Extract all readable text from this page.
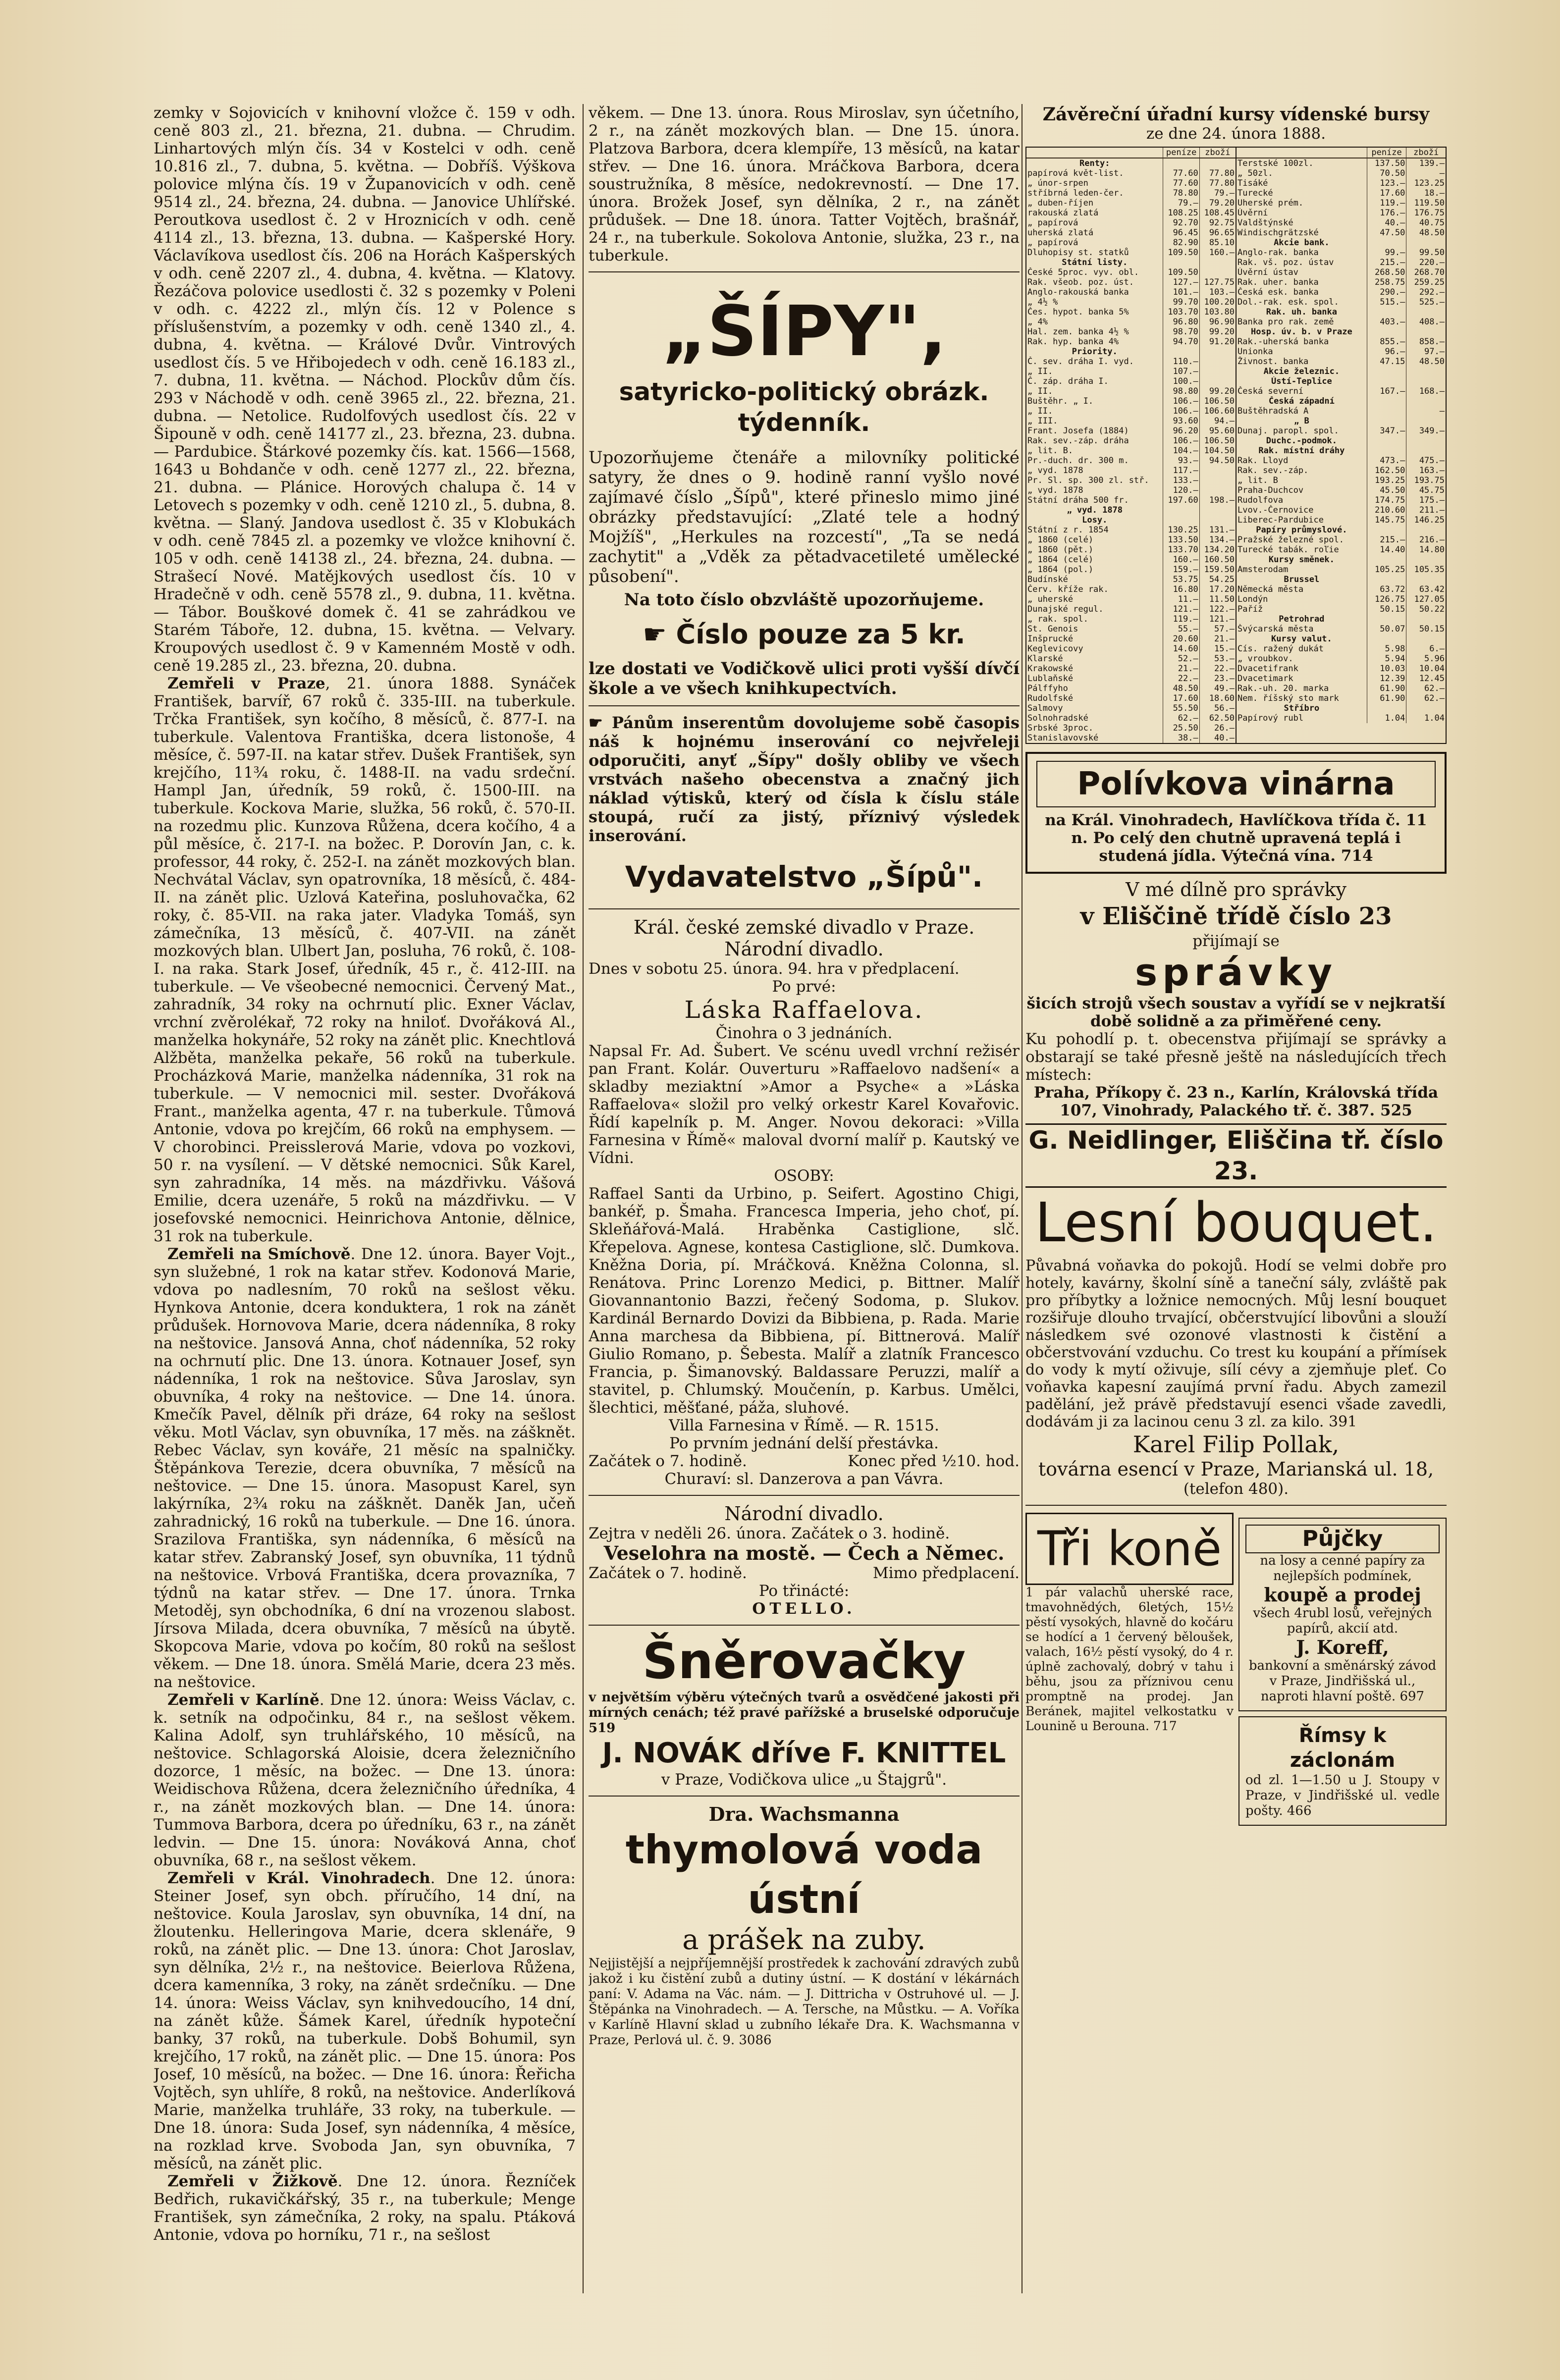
zemky v Sojovicích v knihovní vložce č. 159 v odh. ceně 803 zl., 21. března, 21. dubna. — Chrudim. Linhartových mlýn čís. 34 v Kostelci v odh. ceně 10.816 zl., 7. dubna, 5. května. — Dobříš. Výškova polovice mlýna čís. 19 v Županovicích v odh. ceně 9514 zl., 24. března, 24. dubna. — Janovice Uhlířské. Peroutkova usedlost č. 2 v Hroznicích v odh. ceně 4114 zl., 13. března, 13. dubna. — Kašperské Hory. Václavíkova usedlost čís. 206 na Horách Kašperských v odh. ceně 2207 zl., 4. dubna, 4. května. — Klatovy. Řezáčova polovice usedlosti č. 32 s pozemky v Poleni v odh. c. 4222 zl., mlýn čís. 12 v Polence s příslušenstvím, a pozemky v odh. ceně 1340 zl., 4. dubna, 4. května. — Králové Dvůr. Vintrových usedlost čís. 5 ve Hřibojedech v odh. ceně 16.183 zl., 7. dubna, 11. května. — Náchod. Plockův dům čís. 293 v Náchodě v odh. ceně 3965 zl., 22. března, 21. dubna. — Netolice. Rudolfových usedlost čís. 22 v Šipouně v odh. ceně 14177 zl., 23. března, 23. dubna. — Pardubice. Štárkové pozemky čís. kat. 1566—1568, 1643 u Bohdanče v odh. ceně 1277 zl., 22. března, 21. dubna. — Plánice. Horových chalupa č. 14 v Letovech s pozemky v odh. ceně 1210 zl., 5. dubna, 8. května. — Slaný. Jandova usedlost č. 35 v Klobukách v odh. ceně 7845 zl. a pozemky ve vložce knihovní č. 105 v odh. ceně 14138 zl., 24. března, 24. dubna. — Strašecí Nové. Matějkových usedlost čís. 10 v Hradečně v odh. ceně 5578 zl., 9. dubna, 11. května. — Tábor. Bouškové domek č. 41 se zahrádkou ve Starém Táboře, 12. dubna, 15. května. — Velvary. Kroupových usedlost č. 9 v Kamenném Mostě v odh. ceně 19.285 zl., 23. března, 20. dubna.

Zemřeli v Praze, 21. února 1888. Synáček František, barvíř, 67 roků č. 335-III. na tuberkule. Trčka František, syn kočího, 8 měsíců, č. 877-I. na tuberkule. Valentova Františka, dcera listonoše, 4 měsíce, č. 597-II. na katar střev. Dušek František, syn krejčího, 11¾ roku, č. 1488-II. na vadu srdeční. Hampl Jan, úředník, 59 roků, č. 1500-III. na tuberkule. Kockova Marie, služka, 56 roků, č. 570-II. na rozedmu plic. Kunzova Růžena, dcera kočího, 4 a půl měsíce, č. 217-I. na božec. P. Dorovín Jan, c. k. professor, 44 roky, č. 252-I. na zánět mozkových blan. Nechvátal Václav, syn opatrovníka, 18 měsíců, č. 484-II. na zánět plic. Uzlová Kateřina, posluhovačka, 62 roky, č. 85-VII. na raka jater. Vladyka Tomáš, syn zámečníka, 13 měsíců, č. 407-VII. na zánět mozkových blan. Ulbert Jan, posluha, 76 roků, č. 108-I. na raka. Stark Josef, úředník, 45 r., č. 412-III. na tuberkule. — Ve všeobecné nemocnici. Červený Mat., zahradník, 34 roky na ochrnutí plic. Exner Václav, vrchní zvěrolékař, 72 roky na hniloť. Dvořáková Al., manželka hokynáře, 52 roky na zánět plic. Knechtlová Alžběta, manželka pekaře, 56 roků na tuberkule. Procházková Marie, manželka nádenníka, 31 rok na tuberkule. — V nemocnici mil. sester. Dvořáková Frant., manželka agenta, 47 r. na tuberkule. Tůmová Antonie, vdova po krejčím, 66 roků na emphysem. — V chorobinci. Preisslerová Marie, vdova po vozkovi, 50 r. na vysílení. — V dětské nemocnici. Sůk Karel, syn zahradníka, 14 měs. na mázdřivku. Vášová Emilie, dcera uzenáře, 5 roků na mázdřivku. — V josefovské nemocnici. Heinrichova Antonie, dělnice, 31 rok na tuberkule.

Zemřeli na Smíchově. Dne 12. února. Bayer Vojt., syn služebné, 1 rok na katar střev. Kodonová Marie, vdova po nadlesním, 70 roků na sešlost věku. Hynkova Antonie, dcera konduktera, 1 rok na zánět průdušek. Hornovova Marie, dcera nádenníka, 8 roky na neštovice. Jansová Anna, choť nádenníka, 52 roky na ochrnutí plic. Dne 13. února. Kotnauer Josef, syn nádenníka, 1 rok na neštovice. Sůva Jaroslav, syn obuvníka, 4 roky na neštovice. — Dne 14. února. Kmečík Pavel, dělník při dráze, 64 roky na sešlost věku. Motl Václav, syn obuvníka, 17 měs. na zášknět. Rebec Václav, syn kováře, 21 měsíc na spalničky. Štěpánkova Terezie, dcera obuvníka, 7 měsíců na neštovice. — Dne 15. února. Masopust Karel, syn lakýrníka, 2¾ roku na zášknět. Daněk Jan, učeň zahradnický, 16 roků na tuberkule. — Dne 16. února. Srazilova Františka, syn nádenníka, 6 měsíců na katar střev. Zabranský Josef, syn obuvníka, 11 týdnů na neštovice. Vrbová Františka, dcera provazníka, 7 týdnů na katar střev. — Dne 17. února. Trnka Metoděj, syn obchodníka, 6 dní na vrozenou slabost. Jírsova Milada, dcera obuvníka, 7 měsíců na úbytě. Skopcova Marie, vdova po kočím, 80 roků na sešlost věkem. — Dne 18. února. Smělá Marie, dcera 23 měs. na neštovice.

Zemřeli v Karlíně. Dne 12. února: Weiss Václav, c. k. setník na odpočinku, 84 r., na sešlost věkem. Kalina Adolf, syn truhlářského, 10 měsíců, na neštovice. Schlagorská Aloisie, dcera železničního dozorce, 1 měsíc, na božec. — Dne 13. února: Weidischova Růžena, dcera železničního úředníka, 4 r., na zánět mozkových blan. — Dne 14. února: Tummova Barbora, dcera po úředníku, 63 r., na zánět ledvin. — Dne 15. února: Nováková Anna, choť obuvníka, 68 r., na sešlost věkem.

Zemřeli v Král. Vinohradech. Dne 12. února: Steiner Josef, syn obch. příručího, 14 dní, na neštovice. Koula Jaroslav, syn obuvníka, 14 dní, na žloutenku. Helleringova Marie, dcera sklenáře, 9 roků, na zánět plic. — Dne 13. února: Chot Jaroslav, syn dělníka, 2½ r., na neštovice. Beierlova Růžena, dcera kamenníka, 3 roky, na zánět srdečníku. — Dne 14. února: Weiss Václav, syn knihvedoucího, 14 dní, na zánět kůže. Šámek Karel, úředník hypoteční banky, 37 roků, na tuberkule. Dobš Bohumil, syn krejčího, 17 roků, na zánět plic. — Dne 15. února: Pos Josef, 10 měsíců, na božec. — Dne 16. února: Řeřicha Vojtěch, syn uhlíře, 8 roků, na neštovice. Anderlíková Marie, manželka truhláře, 33 roky, na tuberkule. — Dne 18. února: Suda Josef, syn nádenníka, 4 měsíce, na rozklad krve. Svoboda Jan, syn obuvníka, 7 měsíců, na zánět plic.

Zemřeli v Žižkově. Dne 12. února. Řezníček Bedřich, rukavičkářský, 35 r., na tuberkule; Menge František, syn zámečníka, 2 roky, na spalu. Ptáková Antonie, vdova po horníku, 71 r., na sešlost

věkem. — Dne 13. února. Rous Miroslav, syn účetního, 2 r., na zánět mozkových blan. — Dne 15. února. Platzova Barbora, dcera klempíře, 13 měsíců, na katar střev. — Dne 16. února. Mráčkova Barbora, dcera soustružníka, 8 měsíce, nedokrevností. — Dne 17. února. Brožek Josef, syn dělníka, 2 r., na zánět průdušek. — Dne 18. února. Tatter Vojtěch, brašnář, 24 r., na tuberkule. Sokolova Antonie, služka, 23 r., na tuberkule.

„ŠÍPY",
satyricko-politický obrázk. týdenník.

Upozorňujeme čtenáře a milovníky politické satyry, že dnes o 9. hodině ranní vyšlo nové zajímavé číslo „Šípů", které přineslo mimo jiné obrázky představující: „Zlaté tele a hodný Mojžíš", „Herkules na rozcestí", „Ta se nedá zachytit" a „Vděk za pětadvacetileté umělecké působení".

Na toto číslo obzvláště upozorňujeme.

☛ Číslo pouze za 5 kr.

lze dostati ve Vodičkově ulici proti vyšší dívčí škole a ve všech knihkupectvích.

☛ Pánům inserentům dovolujeme sobě časopis náš k hojnému inserování co nejvřeleji odporučiti, anyť „Šípy" došly obliby ve všech vrstvách našeho obecenstva a značný jich náklad výtisků, který od čísla k číslu stále stoupá, ručí za jistý, příznivý výsledek inserování.

Vydavatelstvo „Šípů".

Král. české zemské divadlo v Praze.

Národní divadlo.

Dnes v sobotu 25. února. 94. hra v předplacení.

Po prvé:

Láska Raffaelova.

Činohra o 3 jednáních.

Napsal Fr. Ad. Šubert. Ve scénu uvedl vrchní režisér pan Frant. Kolár. Ouverturu »Raffaelovo nadšení« a skladby meziaktní »Amor a Psyche« a »Láska Raffaelova« složil pro velký orkestr Karel Kovařovic. Řídí kapelník p. M. Anger. Novou dekoraci: »Villa Farnesina v Římě« maloval dvorní malíř p. Kautský ve Vídni.

OSOBY:

Raffael Santi da Urbino, p. Seifert. Agostino Chigi, bankéř, p. Šmaha. Francesca Imperia, jeho choť, pí. Skleňářová-Malá. Hraběnka Castiglione, slč. Křepelova. Agnese, kontesa Castiglione, slč. Dumkova. Kněžna Doria, pí. Mráčková. Kněžna Colonna, sl. Renátova. Princ Lorenzo Medici, p. Bittner. Malíř Giovannantonio Bazzi, řečený Sodoma, p. Slukov. Kardinál Bernardo Dovizi da Bibbiena, p. Rada. Marie Anna marchesa da Bibbiena, pí. Bittnerová. Malíř Giulio Romano, p. Šebesta. Malíř a zlatník Francesco Francia, p. Šimanovský. Baldassare Peruzzi, malíř a stavitel, p. Chlumský. Moučenín, p. Karbus. Umělci, šlechtici, měšťané, páža, sluhové.

Villa Farnesina v Římě. — R. 1515.

Po prvním jednání delší přestávka.

Začátek o 7. hodině.	Konec před ½10. hod.

Churaví: sl. Danzerova a pan Vávra.

Národní divadlo.

Zejtra v neděli 26. února. Začátek o 3. hodině.

Veselohra na mostě. — Čech a Němec.

Začátek o 7. hodině.	Mimo předplacení.

Po třinácté:

OTELLO.

Šněrovačky

v největším výběru výtečných tvarů a osvědčené jakosti při mírných cenách; též pravé pařížské a bruselské odporučuje 519

J. NOVÁK dříve F. KNITTEL

v Praze, Vodičkova ulice „u Štajgrů".

Dra. Wachsmanna

thymolová voda ústní

a prášek na zuby.

Nejjistější a nejpříjemnější prostředek k zachování zdravých zubů jakož i ku čistění zubů a dutiny ústní. — K dostání v lékárnách paní: V. Adama na Vác. nám. — J. Dittricha v Ostruhové ul. — J. Štěpánka na Vinohradech. — A. Tersche, na Můstku. — A. Voříka v Karlíně Hlavní sklad u zubního lékaře Dra. K. Wachsmanna v Praze, Perlová ul. č. 9. 3086

Závěreční úřadní kursy vídenské bursy

ze dne 24. února 1888.

	peníze	zboží
Renty:		
papírová květ-list.	77.60	77.80
„ únor-srpen	77.60	77.80
stříbrná leden-čer.	78.80	79.—
„ duben-říjen	79.—	79.20
rakouská zlatá	108.25	108.45
„ papírová	92.70	92.75
uherská zlatá	96.45	96.65
„ papírová	82.90	85.10
Dluhopisy st. statků	109.50	160.—
Státní listy.		
České 5proc. vyv. obl.	109.50	
Rak. všeob. poz. úst.	127.—	127.75
Anglo-rakouská banka	101.—	103.—
„ 4½ %	99.70	100.20
Čes. hypot. banka 5%	103.70	103.80
„ 4%	96.80	96.90
Hal. zem. banka 4½ %	98.70	99.20
Rak. hyp. banka 4%	94.70	91.20
Priority.		
Č. sev. dráha I. vyd.	110.—	
„ II.	107.—	
Č. záp. dráha I.	100.—	
„ II.	98.80	99.20
Buštěhr. „ I.	106.—	106.50
„ II.	106.—	106.60
„ III.	93.60	94.—
Frant. Josefa (1884)	96.20	95.60
Rak. sev.-záp. dráha	106.—	106.50
„ lit. B.	104.—	104.50
Pr.-duch. dr. 300 m.	93.—	94.50
„ vyd. 1878	117.—	
Pr. Sl. sp. 300 zl. stř.	133.—	
„ vyd. 1878	120.—	
Státní dráha 500 fr.	197.60	198.—
„ vyd. 1878		
Losy.		
Státní z r. 1854	130.25	131.—
„ 1860 (celé)	133.50	134.—
„ 1860 (pět.)	133.70	134.20
„ 1864 (celé)	160.—	160.50
„ 1864 (pol.)	159.—	159.50
Budínské	53.75	54.25
Červ. kříže rak.	16.80	17.20
„ uherské	11.—	11.50
Dunajské regul.	121.—	122.—
„ rak. spol.	119.—	121.—
St. Genois	55.—	57.—
Inšprucké	20.60	21.—
Keglevicovy	14.60	15.—
Klarské	52.—	53.—
Krakowské	21.—	22.—
Lublaňské	22.—	23.—
Pálffyho	48.50	49.—
Rudolfské	17.60	18.60
Salmovy	55.50	56.—
Solnohradské	62.—	62.50
Srbské 3proc.	25.50	26.—
Stanislavovské	38.—	40.—
	peníze	zboží
Terstské 100zl.	137.50	139.—
„ 50zl.	70.50	—
Tisáké	123.—	123.25
Turecké	17.60	18.—
Uherské prém.	119.—	119.50
Úvěrní	176.—	176.75
Valdštýnské	40.—	40.75
Windischgrätzské	47.50	48.50
Akcie bank.		
Anglo-rak. banka	99.—	99.50
Rak. vš. poz. ústav	215.—	220.—
Úvěrní ústav	268.50	268.70
Rak. uher. banka	258.75	259.25
Česká esk. banka	290.—	292.—
Dol.-rak. esk. spol.	515.—	525.—
Rak. uh. banka		
Banka pro rak. země	403.—	408.—
Hosp. úv. b. v Praze		
Rak.-uherská banka	855.—	858.—
Unionka	96.—	97.—
Živnost. banka	47.15	48.50
Akcie železnic.		
Ústí-Teplice		
Česká severní	167.—	168.—
Česká západní		
Buštěhradská A		—
„ B		
Dunaj. paropl. spol.	347.—	349.—
Duchc.-podmok.		
Rak. místní dráhy		
Rak. Lloyd	473.—	475.—
Rak. sev.-záp.	162.50	163.—
„ lit. B	193.25	193.75
Praha-Duchcov	45.50	45.75
Rudolfova	174.75	175.—
Lvov.-Černovice	210.60	211.—
Libereс-Pardubice	145.75	146.25
Papíry průmyslové.		
Pražské železné spol.	215.—	216.—
Turecké tabák. roľie	14.40	14.80
Kursy směnek.		
Amsterodam	105.25	105.35
Brussel		
Německá města	63.72	63.42
Londýn	126.75	127.05
Paříž	50.15	50.22
Petrohrad		
Švýcarská města	50.07	50.15
Kursy valut.		
Cís. ražený dukát	5.98	6.—
„ vroubkov.	5.94	5.96
Dvacetifrank	10.03	10.04
Dvacetimark	12.39	12.45
Rak.-uh. 20. marka	61.90	62.—
Nem. říšský sto mark	61.90	62.—
Stříbro		
Papírový rubl	1.04	1.04
Polívkova vinárna

na Král. Vinohradech, Havlíčkova třída č. 11 n. Po celý den chutně upravená teplá i studená jídla. Výtečná vína. 714

V mé dílně pro správky

v Eliščině třídě číslo 23

přijímají se

správky

šicích strojů všech soustav a vyřídí se v nejkratší době solidně a za přiměřené ceny.

Ku pohodlí p. t. obecenstva přijímají se správky a obstarají se také přesně ještě na následujících třech místech:

Praha, Příkopy č. 23 n., Karlín, Královská třída 107, Vinohrady, Palackého tř. č. 387. 525

G. Neidlinger, Eliščina tř. číslo 23.
Lesní bouquet.

Půvabná voňavka do pokojů. Hodí se velmi dobře pro hotely, kavárny, školní síně a taneční sály, zvláště pak pro příbytky a ložnice nemocných. Můj lesní bouquet rozšiřuje dlouho trvající, občerstvující libovůni a slouží následkem své ozonové vlastnosti k čistění a občerstvování vzduchu. Co trest ku koupání a přímísek do vody k mytí oživuje, sílí cévy a zjemňuje pleť. Co voňavka kapesní zaujímá první řadu. Abych zamezil padělání, jež právě představují esenci všade zavedli, dodávám ji za lacinou cenu 3 zl. za kilo. 391

Karel Filip Pollak,

továrna esencí v Praze, Marianská ul. 18,

(telefon 480).

Tři koně

1 pár valachů uherské race, tmavohnědých, 6letých, 15½ pěstí vysokých, hlavně do kočáru se hodící a 1 červený běloušek, valach, 16½ pěstí vysoký, do 4 r. úplně zachovalý, dobrý v tahu i běhu, jsou za příznivou cenu promptně na prodej. Jan Beránek, majitel velkostatku v Lounině u Berouna. 717

Půjčky

na losy a cenné papíry za nejlepších podmínek,

koupě a prodej

všech 4rubl losů, veřejných papírů, akcií atd.

J. Koreff,

bankovní a směnárský závod v Praze, Jindřišská ul., naproti hlavní poště. 697

Římsy k záclonám

od zl. 1—1.50 u J. Stoupy v Praze, v Jindřišské ul. vedle pošty. 466
